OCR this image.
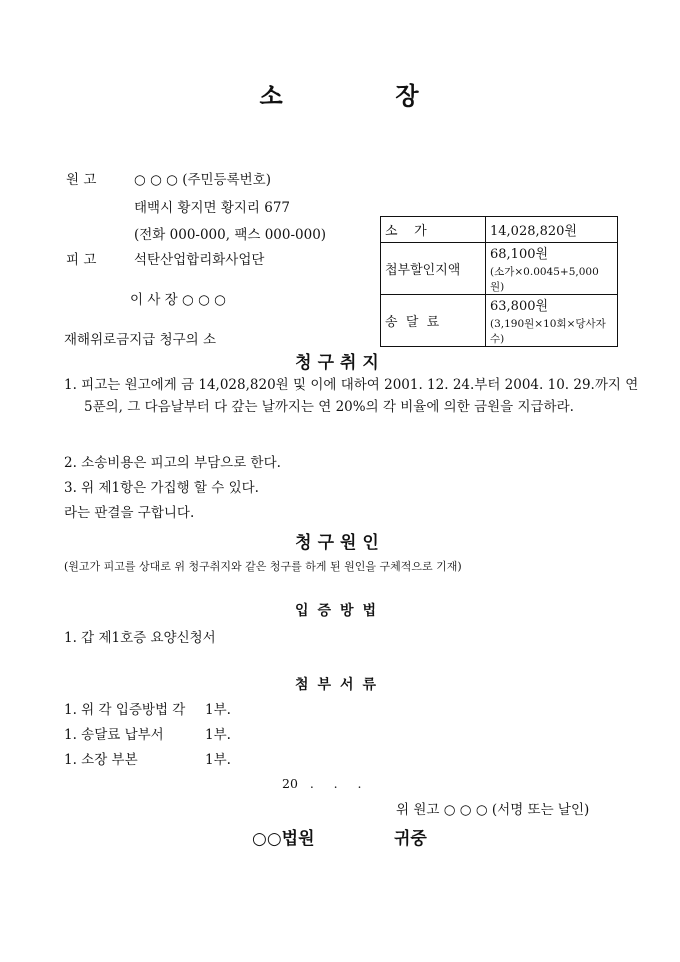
소	장
원 고	○ ○ ○ (주민등록번호)
태백시 황지면 황지리 677
(전화 000-000, 팩스 000-000)
피 고	석탄산업합리화사업단
이 사 장 ○ ○ ○
재해위로금지급 청구의 소
소    가	14,028,820원
첩부할인지액	68,100원
(소가×0.0045+5,000원)

송  달  료	63,800원
(3,190원×10회×당사자수)
청구취지
1. 피고는 원고에게 금 14,028,820원 및 이에 대하여 2001. 12. 24.부터 2004. 10. 29.까지 연 5푼의, 그 다음날부터 다 갚는 날까지는 연 20%의 각 비율에 의한 금원을 지급하라.
2. 소송비용은 피고의 부담으로 한다.
3. 위 제1항은 가집행 할 수 있다.
라는 판결을 구합니다.
청구원인
(원고가 피고를 상대로 위 청구취지와 같은 청구를 하게 된 원인을 구체적으로 기재)
입증방법
1. 갑 제1호증 요양신청서
첨부서류
1. 위 각 입증방법 각 1부.
1. 송달료 납부서	1부.
1. 소장 부본	1부.
20   .     .     .
위 원고 ○ ○ ○ (서명 또는 날인)
○○법원	귀중
